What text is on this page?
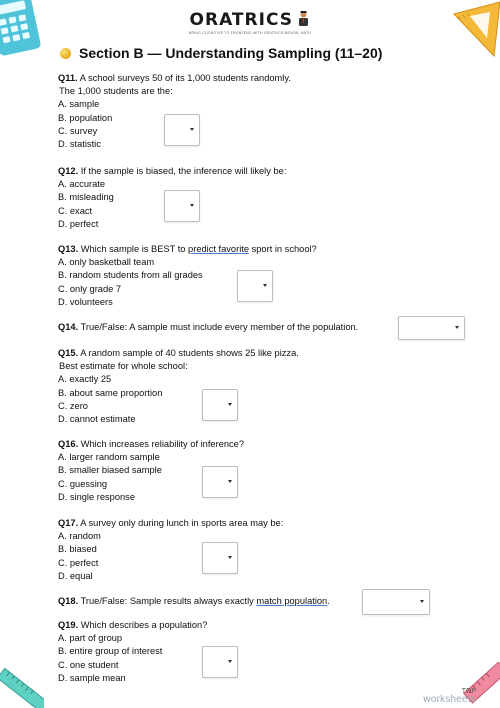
ORATRICS
BRING COGNITIVE TO FRONTEND WITH ORATRICS MENTAL MATH
Section B — Understanding Sampling (11–20)
Q11. A school surveys 50 of its 1,000 students randomly.
The 1,000 students are the:
A. sample
B. population
C. survey
D. statistic
Q12. If the sample is biased, the inference will likely be:
A. accurate
B. misleading
C. exact
D. perfect
Q13. Which sample is BEST to predict favorite sport in school?
A. only basketball team
B. random students from all grades
C. only grade 7
D. volunteers
Q14. True/False: A sample must include every member of the population.
Q15. A random sample of 40 students shows 25 like pizza.
Best estimate for whole school:
A. exactly 25
B. about same proportion
C. zero
D. cannot estimate
Q16. Which increases reliability of inference?
A. larger random sample
B. smaller biased sample
C. guessing
D. single response
Q17. A survey only during lunch in sports area may be:
A. random
B. biased
C. perfect
D. equal
Q18. True/False: Sample results always exactly match population.
Q19. Which describes a population?
A. part of group
B. entire group of interest
C. one student
D. sample mean
TOP
worksheets
